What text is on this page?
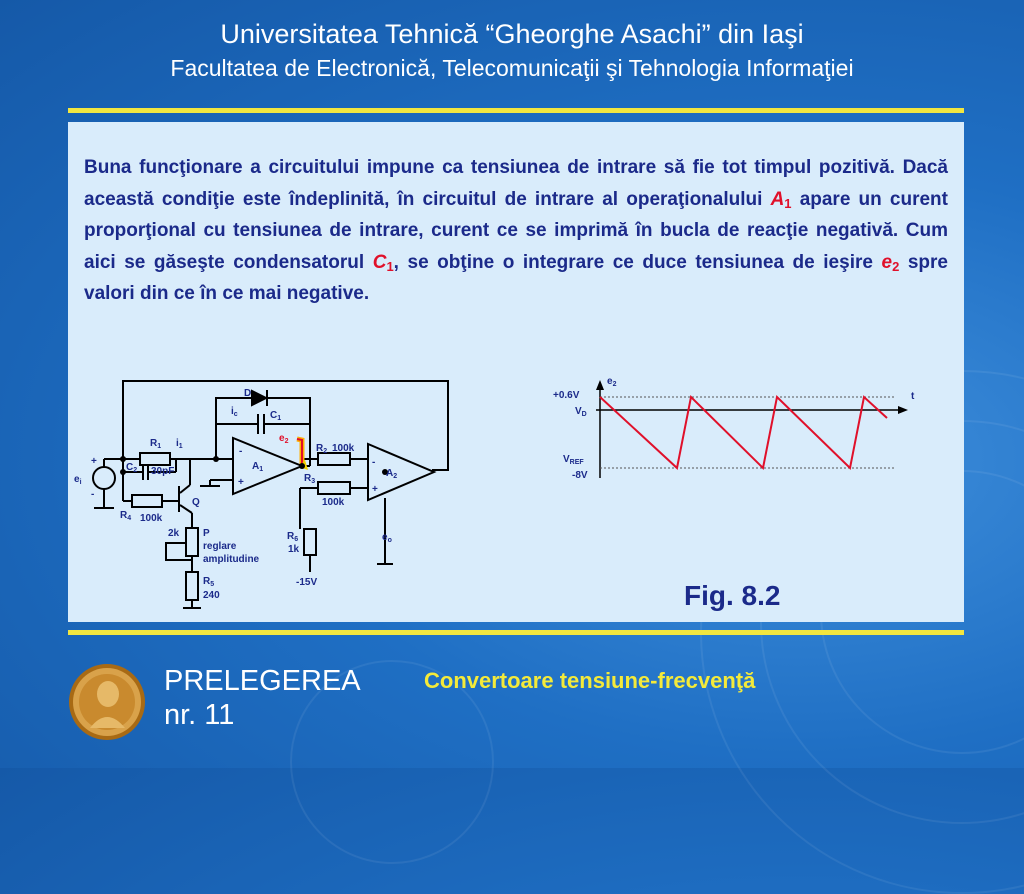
Universitatea Tehnică “Gheorghe Asachi” din Iaşi
Facultatea de Electronică, Telecomunicaţii şi Tehnologia Informaţiei

Buna funcţionare a circuitului impune ca tensiunea de intrare să fie tot timpul pozitivă. Dacă această condiţie este îndeplinită, în circuitul de intrare al operaţionalului $A_1$ apare un curent proporţional cu tensiunea de intrare, curent ce se imprimă în bucla de reacţie negativă. Cum aici se găseşte condensatorul $C_1$, se obţine o integrare ce duce tensiunea de ieşire $e_2$ spre valori din ce în ce mai negative.

D
$i_c$	$C_1$
$e_2$
$R_1$ $i_1$	-
+
$A_1$
$R_2$ 100k
-
+
$A_2$
$R_3$
100k
$C_2$ 30pF
+
-
$e_i$
Q
$R_4$ 100k
2k P
reglare
amplitudine
$R_5$
240
$R_6$
1k
-15V
$e_o$
$e_2$
t
+0.6V
$V_D$
$V_{REF}$
-8V
Fig. 8.2
PRELEGEREA
nr. 11
Convertoare tensiune-frecvenţă
